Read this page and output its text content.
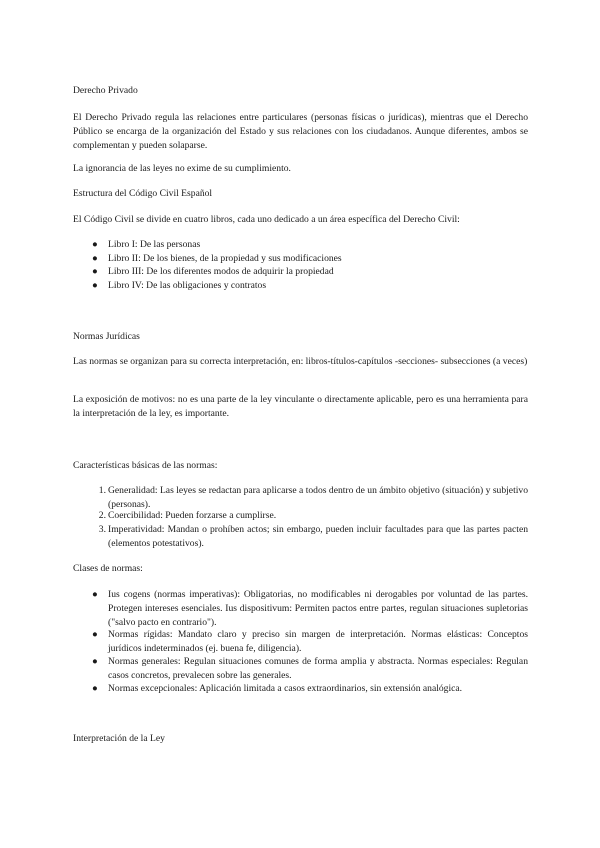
Derecho Privado

El Derecho Privado regula las relaciones entre particulares (personas físicas o jurídicas), mientras que el Derecho Público se encarga de la organización del Estado y sus relaciones con los ciudadanos. Aunque diferentes, ambos se complementan y pueden solaparse.

La ignorancia de las leyes no exime de su cumplimiento.

Estructura del Código Civil Español

El Código Civil se divide en cuatro libros, cada uno dedicado a un área específica del Derecho Civil:

●	Libro I: De las personas
●	Libro II: De los bienes, de la propiedad y sus modificaciones
●	Libro III: De los diferentes modos de adquirir la propiedad
●	Libro IV: De las obligaciones y contratos

Normas Jurídicas

Las normas se organizan para su correcta interpretación, en: libros-títulos-capítulos -secciones- subsecciones (a veces)

La exposición de motivos: no es una parte de la ley vinculante o directamente aplicable, pero es una herramienta para la interpretación de la ley, es importante.

Características básicas de las normas:

1. Generalidad: Las leyes se redactan para aplicarse a todos dentro de un ámbito objetivo (situación) y subjetivo (personas).
2. Coercibilidad: Pueden forzarse a cumplirse.
3. Imperatividad: Mandan o prohíben actos; sin embargo, pueden incluir facultades para que las partes pacten (elementos potestativos).

Clases de normas:

●	Ius cogens (normas imperativas): Obligatorias, no modificables ni derogables por voluntad de las partes. Protegen intereses esenciales. Ius dispositivum: Permiten pactos entre partes, regulan situaciones supletorias ("salvo pacto en contrario").
●	Normas rígidas: Mandato claro y preciso sin margen de interpretación. Normas elásticas: Conceptos jurídicos indeterminados (ej. buena fe, diligencia).
●	Normas generales: Regulan situaciones comunes de forma amplia y abstracta. Normas especiales: Regulan casos concretos, prevalecen sobre las generales.
●	Normas excepcionales: Aplicación limitada a casos extraordinarios, sin extensión analógica.

Interpretación de la Ley
